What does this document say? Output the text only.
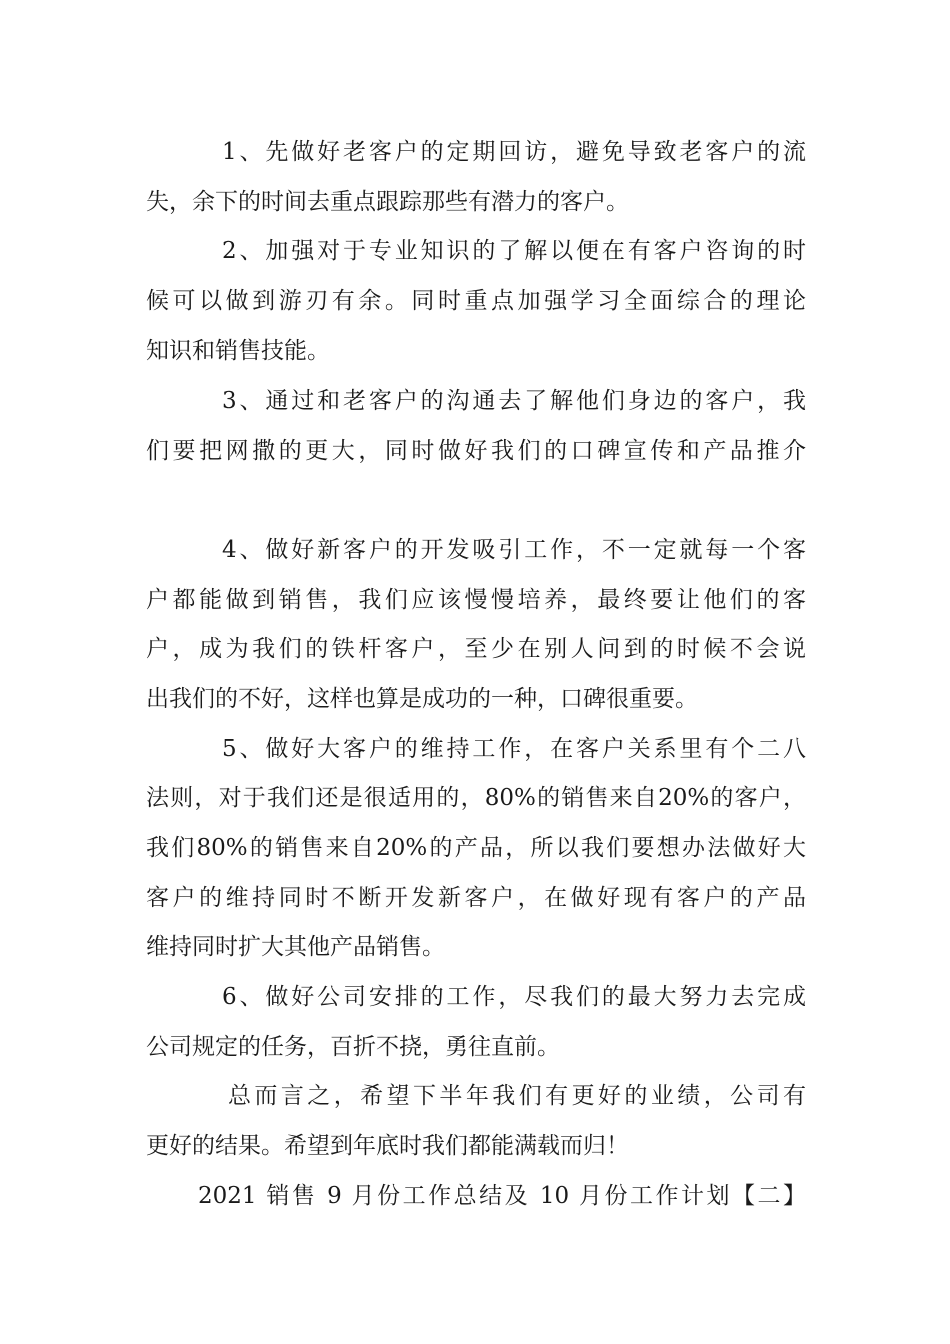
1、先做好老客户的定期回访，避免导致老客户的流
失，余下的时间去重点跟踪那些有潜力的客户。
2、加强对于专业知识的了解以便在有客户咨询的时
候可以做到游刃有余。同时重点加强学习全面综合的理论
知识和销售技能。
3、通过和老客户的沟通去了解他们身边的客户，我
们要把网撒的更大，同时做好我们的口碑宣传和产品推介
4、做好新客户的开发吸引工作，不一定就每一个客
户都能做到销售，我们应该慢慢培养，最终要让他们的客
户，成为我们的铁杆客户，至少在别人问到的时候不会说
出我们的不好，这样也算是成功的一种，口碑很重要。
5、做好大客户的维持工作，在客户关系里有个二八
法则，对于我们还是很适用的，80%的销售来自20%的客户，
我们80%的销售来自20%的产品，所以我们要想办法做好大
客户的维持同时不断开发新客户，在做好现有客户的产品
维持同时扩大其他产品销售。
6、做好公司安排的工作，尽我们的最大努力去完成
公司规定的任务，百折不挠，勇往直前。
总而言之，希望下半年我们有更好的业绩，公司有
更好的结果。希望到年底时我们都能满载而归！
2021 销售 9 月份工作总结及 10 月份工作计划【二】
